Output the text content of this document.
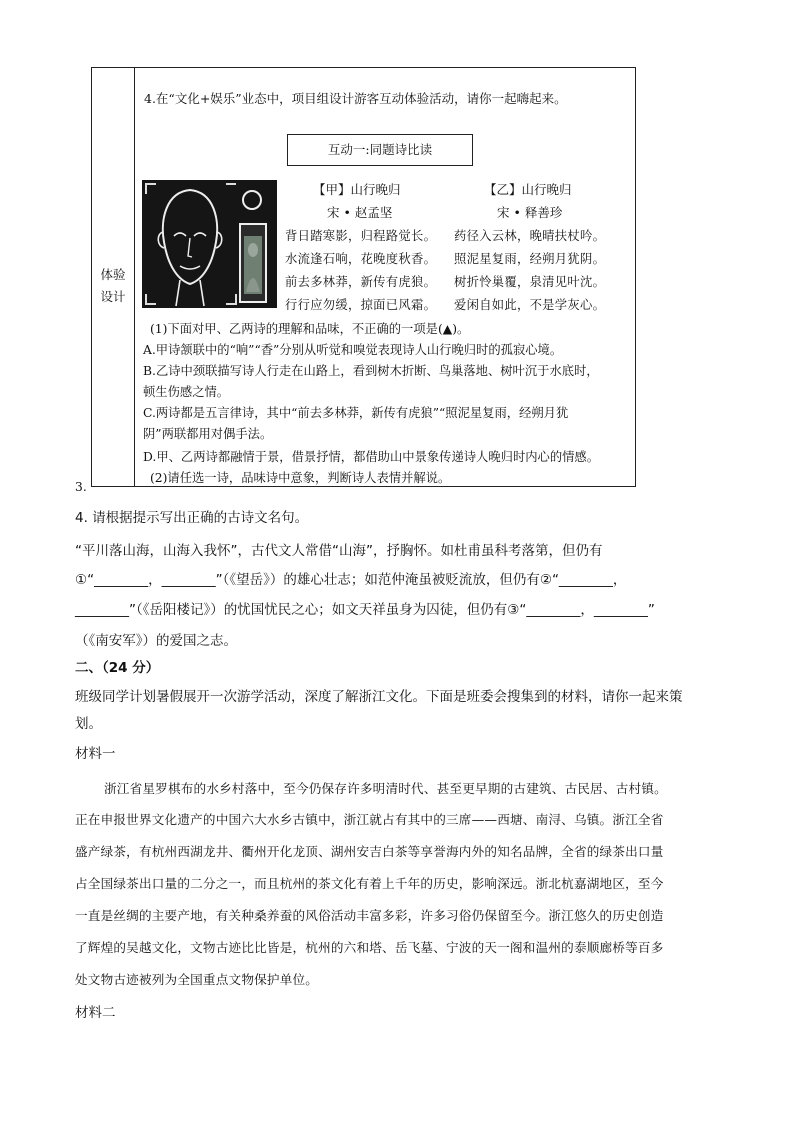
体验
设计
4.在“文化+娱乐”业态中，项目组设计游客互动体验活动，请你一起嗨起来。
互动一:同题诗比读
【甲】山行晚归
宋 • 赵孟坚
背日踏寒影，归程路觉长。
水流逢石响，花晚度秋香。
前去多林莽，新传有虎狼。
行行应勿缓，掠面已风霜。
【乙】山行晚归
宋 • 释善珍
药径入云林，晚晴扶杖吟。
照泥星复雨，经朔月犹阴。
树折怜巢覆，泉清见叶沈。
爱闲自如此，不是学灰心。
(1)下面对甲、乙两诗的理解和品味，不正确的一项是(▲)。
A.甲诗颔联中的“响”“香”分别从听觉和嗅觉表现诗人山行晚归时的孤寂心境。
B.乙诗中颈联描写诗人行走在山路上，看到树木折断、鸟巢落地、树叶沉于水底时，
顿生伤感之情。
C.两诗都是五言律诗，其中“前去多林莽，新传有虎狼”“照泥星复雨，经朔月犹
阴”两联都用对偶手法。
D.甲、乙两诗都融情于景，借景抒情，都借助山中景象传递诗人晚归时内心的情感。
(2)请任选一诗，品味诗中意象，判断诗人表情并解说。
3.
4. 请根据提示写出正确的古诗文名句。
“平川落山海，山海入我怀”，古代文人常借“山海”，抒胸怀。如杜甫虽科考落第，但仍有
①“________，________”（《望岳》）的雄心壮志；如范仲淹虽被贬流放，但仍有②“________，
________”（《岳阳楼记》）的忧国忧民之心；如文天祥虽身为囚徒，但仍有③“________，________”
（《南安军》）的爱国之志。
二、（24 分）
班级同学计划暑假展开一次游学活动，深度了解浙江文化。下面是班委会搜集到的材料，请你一起来策
划。
材料一
浙江省星罗棋布的水乡村落中，至今仍保存许多明清时代、甚至更早期的古建筑、古民居、古村镇。
正在申报世界文化遗产的中国六大水乡古镇中，浙江就占有其中的三席——西塘、南浔、乌镇。浙江全省
盛产绿茶，有杭州西湖龙井、衢州开化龙顶、湖州安吉白茶等享誉海内外的知名品牌，全省的绿茶出口量
占全国绿茶出口量的二分之一，而且杭州的茶文化有着上千年的历史，影响深远。浙北杭嘉湖地区，至今
一直是丝绸的主要产地，有关种桑养蚕的风俗活动丰富多彩，许多习俗仍保留至今。浙江悠久的历史创造
了辉煌的吴越文化，文物古迹比比皆是，杭州的六和塔、岳飞墓、宁波的天一阁和温州的泰顺廊桥等百多
处文物古迹被列为全国重点文物保护单位。
材料二
